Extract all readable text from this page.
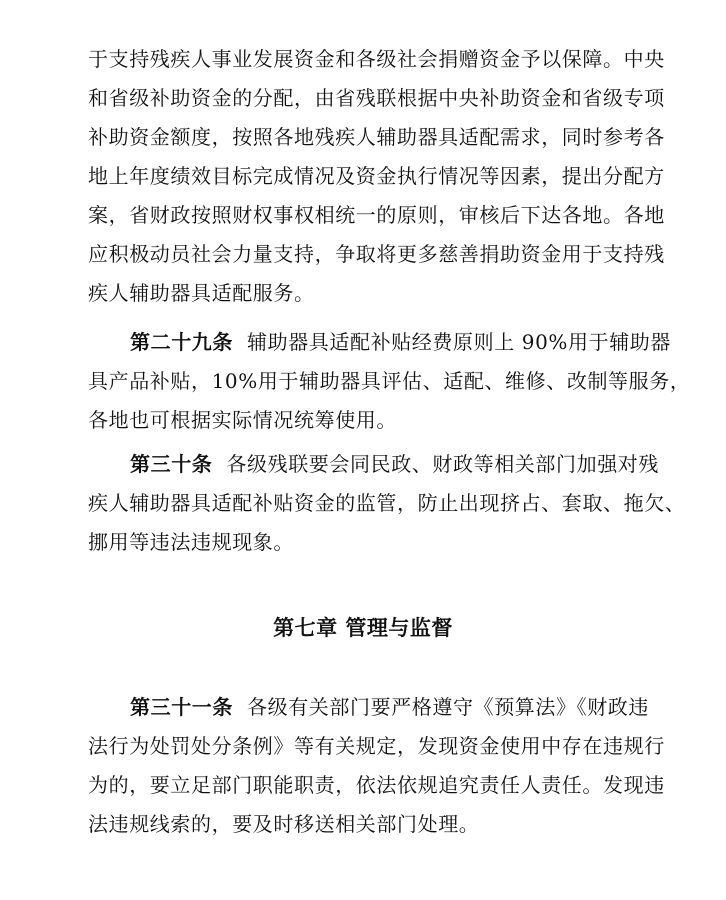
于支持残疾人事业发展资金和各级社会捐赠资金予以保障。中央
和省级补助资金的分配，由省残联根据中央补助资金和省级专项
补助资金额度，按照各地残疾人辅助器具适配需求，同时参考各
地上年度绩效目标完成情况及资金执行情况等因素，提出分配方
案，省财政按照财权事权相统一的原则，审核后下达各地。各地
应积极动员社会力量支持，争取将更多慈善捐助资金用于支持残
疾人辅助器具适配服务。
第二十九条 辅助器具适配补贴经费原则上 90%用于辅助器
具产品补贴，10%用于辅助器具评估、适配、维修、改制等服务，
各地也可根据实际情况统筹使用。
第三十条 各级残联要会同民政、财政等相关部门加强对残
疾人辅助器具适配补贴资金的监管，防止出现挤占、套取、拖欠、
挪用等违法违规现象。
第七章 管理与监督
第三十一条 各级有关部门要严格遵守《预算法》《财政违
法行为处罚处分条例》等有关规定，发现资金使用中存在违规行
为的，要立足部门职能职责，依法依规追究责任人责任。发现违
法违规线索的，要及时移送相关部门处理。
